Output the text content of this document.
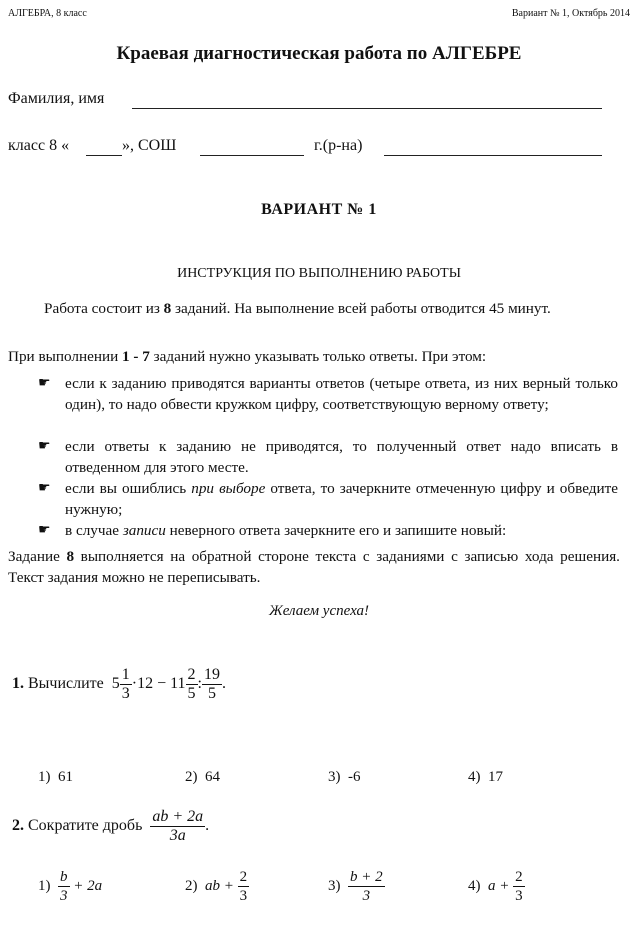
АЛГЕБРА, 8 класс	Вариант № 1, Октябрь 2014
Краевая диагностическая работа по АЛГЕБРЕ
Фамилия, имя
класс 8 «	», СОШ	г.(р-на)
ВАРИАНТ № 1
ИНСТРУКЦИЯ ПО ВЫПОЛНЕНИЮ РАБОТЫ
Работа состоит из 8 заданий. На выполнение всей работы отводится 45 минут.
При выполнении 1 - 7 заданий нужно указывать только ответы. При этом:
☛ если к заданию приводятся варианты ответов (четыре ответа, из них верный только один), то надо обвести кружком цифру, соответствующую верному ответу;
☛ если ответы к заданию не приводятся, то полученный ответ надо вписать в отведенном для этого месте.
☛ если вы ошиблись при выборе ответа, то зачеркните отмеченную цифру и обведите нужную;
☛ в случае записи неверного ответа зачеркните его и запишите новый:
Задание 8 выполняется на обратной стороне текста с заданиями с записью хода решения. Текст задания можно не переписывать.
Желаем успеха!
1. Вычислите $5 \frac{1}{3} \cdot 12 - 11 \frac{2}{5}$ : $\frac{19}{5}$ .
1) 61	2) 64	3) -6	4) 17
2. Сократите дробь $\frac{ab + 2a}{3a}$ .
$1) \frac{b}{3} + 2a$	2) ab + $\frac{2}{3}$	$3) \frac{b + 2}{3}$	4) $a + \frac{2}{3}$
